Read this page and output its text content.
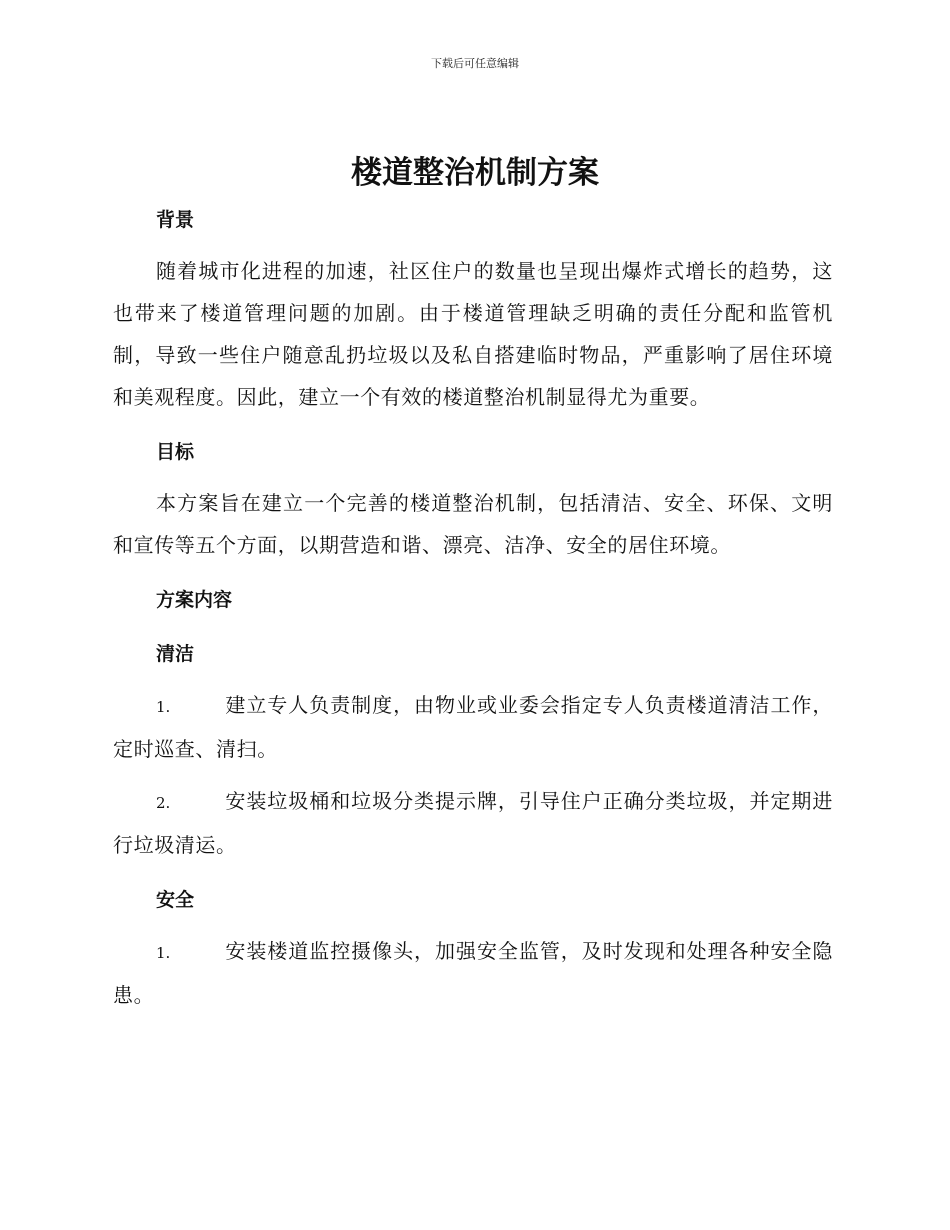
下载后可任意编辑
楼道整治机制方案
背景

随着城市化进程的加速，社区住户的数量也呈现出爆炸式增长的趋势，这也带来了楼道管理问题的加剧。由于楼道管理缺乏明确的责任分配和监管机制，导致一些住户随意乱扔垃圾以及私自搭建临时物品，严重影响了居住环境和美观程度。因此，建立一个有效的楼道整治机制显得尤为重要。

目标

本方案旨在建立一个完善的楼道整治机制，包括清洁、安全、环保、文明和宣传等五个方面，以期营造和谐、漂亮、洁净、安全的居住环境。

方案内容
清洁

1.	建立专人负责制度，由物业或业委会指定专人负责楼道清洁工作，定时巡查、清扫。

2.	安装垃圾桶和垃圾分类提示牌，引导住户正确分类垃圾，并定期进行垃圾清运。

安全

1.	安装楼道监控摄像头，加强安全监管，及时发现和处理各种安全隐患。
